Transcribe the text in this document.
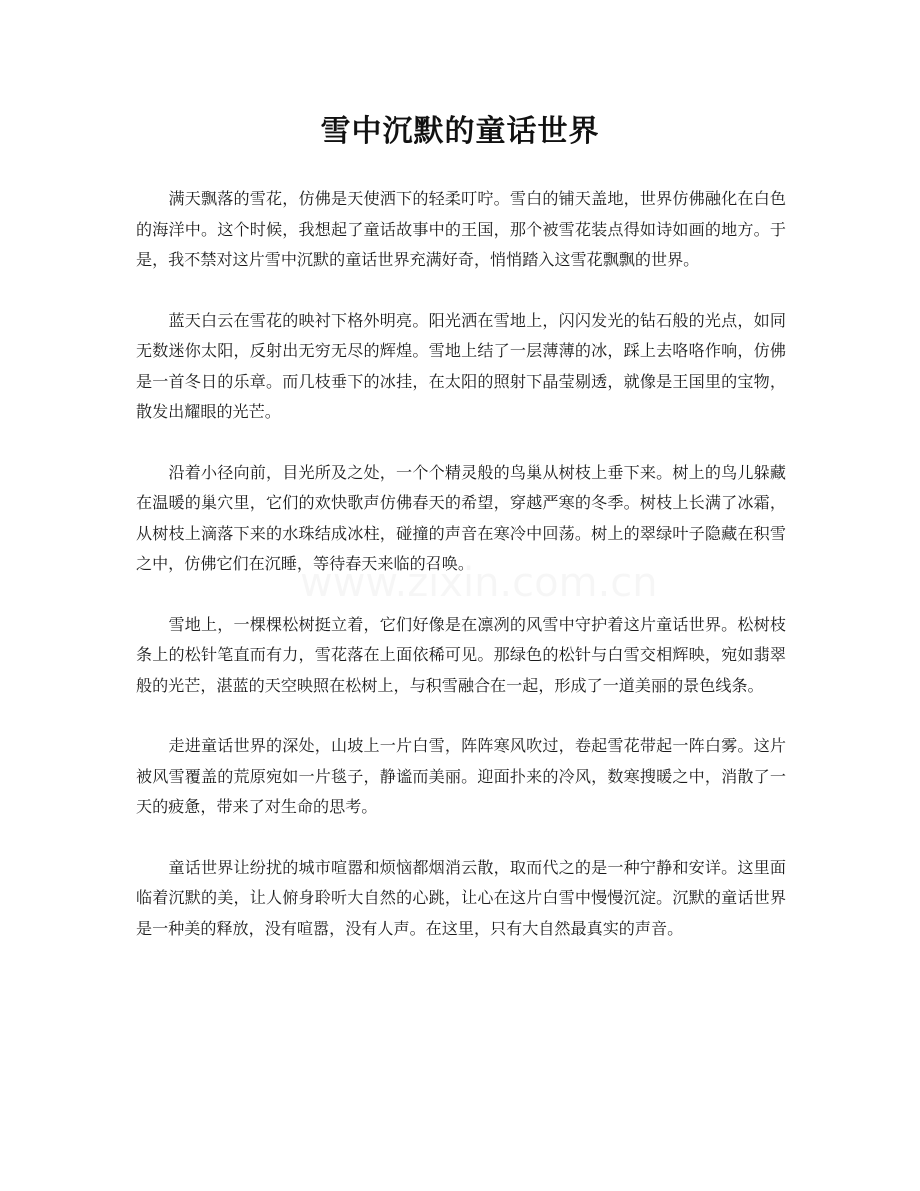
雪中沉默的童话世界

满天飘落的雪花，仿佛是天使洒下的轻柔叮咛。雪白的铺天盖地，世界仿佛融化在白色的海洋中。这个时候，我想起了童话故事中的王国，那个被雪花装点得如诗如画的地方。于是，我不禁对这片雪中沉默的童话世界充满好奇，悄悄踏入这雪花飘飘的世界。

蓝天白云在雪花的映衬下格外明亮。阳光洒在雪地上，闪闪发光的钻石般的光点，如同无数迷你太阳，反射出无穷无尽的辉煌。雪地上结了一层薄薄的冰，踩上去咯咯作响，仿佛是一首冬日的乐章。而几枝垂下的冰挂，在太阳的照射下晶莹剔透，就像是王国里的宝物，散发出耀眼的光芒。

沿着小径向前，目光所及之处，一个个精灵般的鸟巢从树枝上垂下来。树上的鸟儿躲藏在温暖的巢穴里，它们的欢快歌声仿佛春天的希望，穿越严寒的冬季。树枝上长满了冰霜，从树枝上滴落下来的水珠结成冰柱，碰撞的声音在寒冷中回荡。树上的翠绿叶子隐藏在积雪之中，仿佛它们在沉睡，等待春天来临的召唤。

雪地上，一棵棵松树挺立着，它们好像是在凛冽的风雪中守护着这片童话世界。松树枝条上的松针笔直而有力，雪花落在上面依稀可见。那绿色的松针与白雪交相辉映，宛如翡翠般的光芒，湛蓝的天空映照在松树上，与积雪融合在一起，形成了一道美丽的景色线条。

走进童话世界的深处，山坡上一片白雪，阵阵寒风吹过，卷起雪花带起一阵白雾。这片被风雪覆盖的荒原宛如一片毯子，静谧而美丽。迎面扑来的冷风，数寒搜暖之中，消散了一天的疲惫，带来了对生命的思考。

童话世界让纷扰的城市喧嚣和烦恼都烟消云散，取而代之的是一种宁静和安详。这里面临着沉默的美，让人俯身聆听大自然的心跳，让心在这片白雪中慢慢沉淀。沉默的童话世界是一种美的释放，没有喧嚣，没有人声。在这里，只有大自然最真实的声音。
